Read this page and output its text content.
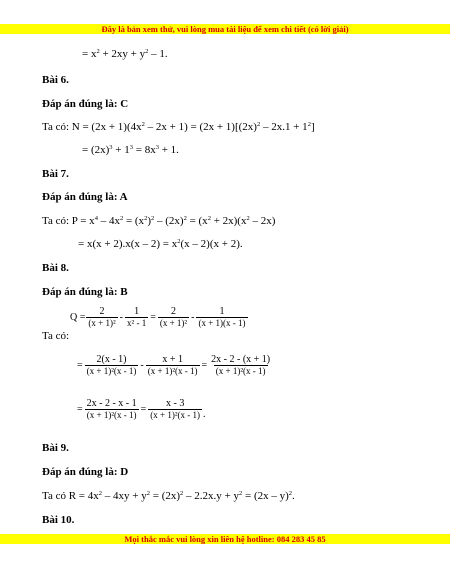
Đây là bản xem thử, vui lòng mua tài liệu để xem chi tiết (có lời giải)
= $x^2 + 2xy + y^2 - 1$.
Bài 6.
Đáp án đúng là: C
Ta có: $N = (2x + 1)(4x^2 - 2x + 1) = (2x + 1)[(2x)^2 - 2x.1 + 1^2]$
= $(2x)^3 + 1^3 = 8x^3 + 1$.
Bài 7.
Đáp án đúng là: A
Ta có: $P = x^4 - 4x^2 = (x^2)^2 - (2x)^2 = (x^2 + 2x)(x^2 - 2x)$
= $x(x + 2).x(x - 2) = x^2(x - 2)(x + 2)$.
Bài 8.
Đáp án đúng là: B
Ta có:
$Q = \frac{2}{\text{(x + 1)²}} - \frac{1}{\text{x² - 1}} = \frac{2}{\text{(x + 1)²}} - \frac{1}{(x + 1)(x - 1)}$
= $\frac{2(x - 1)}{\text{(x + 1)²(x - 1)}} - \frac{x + 1}{\text{(x + 1)²(x - 1)}} = \frac{2x - 2 - (x + 1)}{\text{(x + 1)²(x - 1)}}$
= $\frac{2x - 2 - x - 1}{\text{(x + 1)²(x - 1)}} = \frac{x - 3}{\text{(x + 1)²(x - 1)}}$ .
Bài 9.
Đáp án đúng là: D
Ta có $R = 4x^2 - 4xy + y^2 = (2x)^2 - 2.2x.y + y^2 = (2x - y)^2$.
Bài 10.
Mọi thắc mắc vui lòng xin liên hệ hotline: 084 283 45 85
